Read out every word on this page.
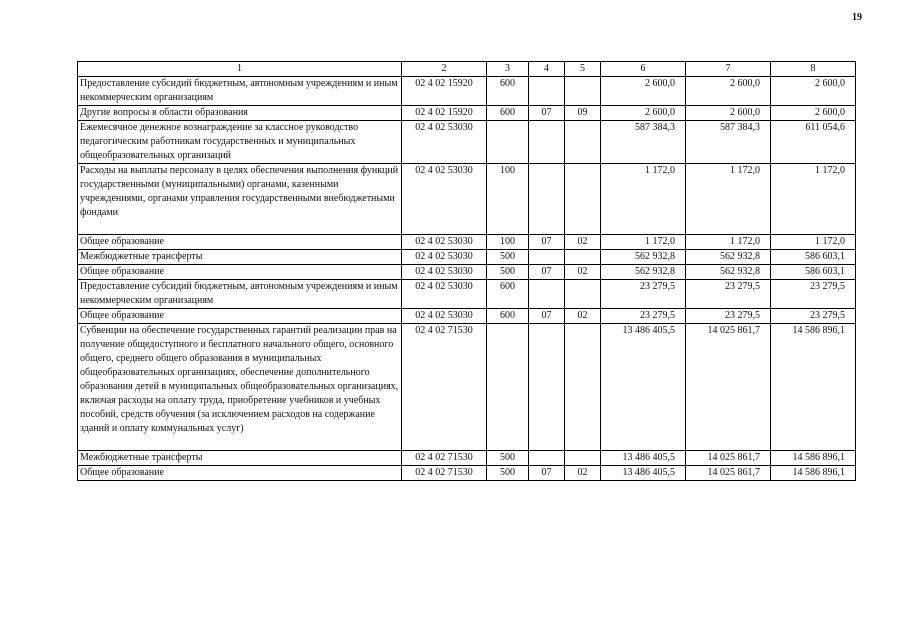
19
1	2	3	4	5	6	7	8
Предоставление субсидий бюджетным, автономным учреждениям и иным некоммерческим организациям	02 4 02 15920	600			2 600,0	2 600,0	2 600,0
Другие вопросы в области образования	02 4 02 15920	600	07	09	2 600,0	2 600,0	2 600,0
Ежемесячное денежное вознаграждение за классное руководство педагогическим работникам государственных и муниципальных общеобразовательных организаций	02 4 02 53030				587 384,3	587 384,3	611 054,6
Расходы на выплаты персоналу в целях обеспечения выполнения функций государственными (муниципальными) органами, казенными учреждениями, органами управления государственными внебюджетными фондами	02 4 02 53030	100			1 172,0	1 172,0	1 172,0
Общее образование	02 4 02 53030	100	07	02	1 172,0	1 172,0	1 172,0
Межбюджетные трансферты	02 4 02 53030	500			562 932,8	562 932,8	586 603,1
Общее образование	02 4 02 53030	500	07	02	562 932,8	562 932,8	586 603,1
Предоставление субсидий бюджетным, автономным учреждениям и иным некоммерческим организациям	02 4 02 53030	600			23 279,5	23 279,5	23 279,5
Общее образование	02 4 02 53030	600	07	02	23 279,5	23 279,5	23 279,5
Субвенции на обеспечение государственных гарантий реализации прав на получение общедоступного и бесплатного начального общего, основного общего, среднего общего образования в муниципальных общеобразовательных организациях, обеспечение дополнительного образования детей в муниципальных общеобразовательных организациях, включая расходы на оплату труда, приобретение учебников и учебных пособий, средств обучения (за исключением расходов на содержание зданий и оплату коммунальных услуг)	02 4 02 71530				13 486 405,5	14 025 861,7	14 586 896,1
Межбюджетные трансферты	02 4 02 71530	500			13 486 405,5	14 025 861,7	14 586 896,1
Общее образование	02 4 02 71530	500	07	02	13 486 405,5	14 025 861,7	14 586 896,1
